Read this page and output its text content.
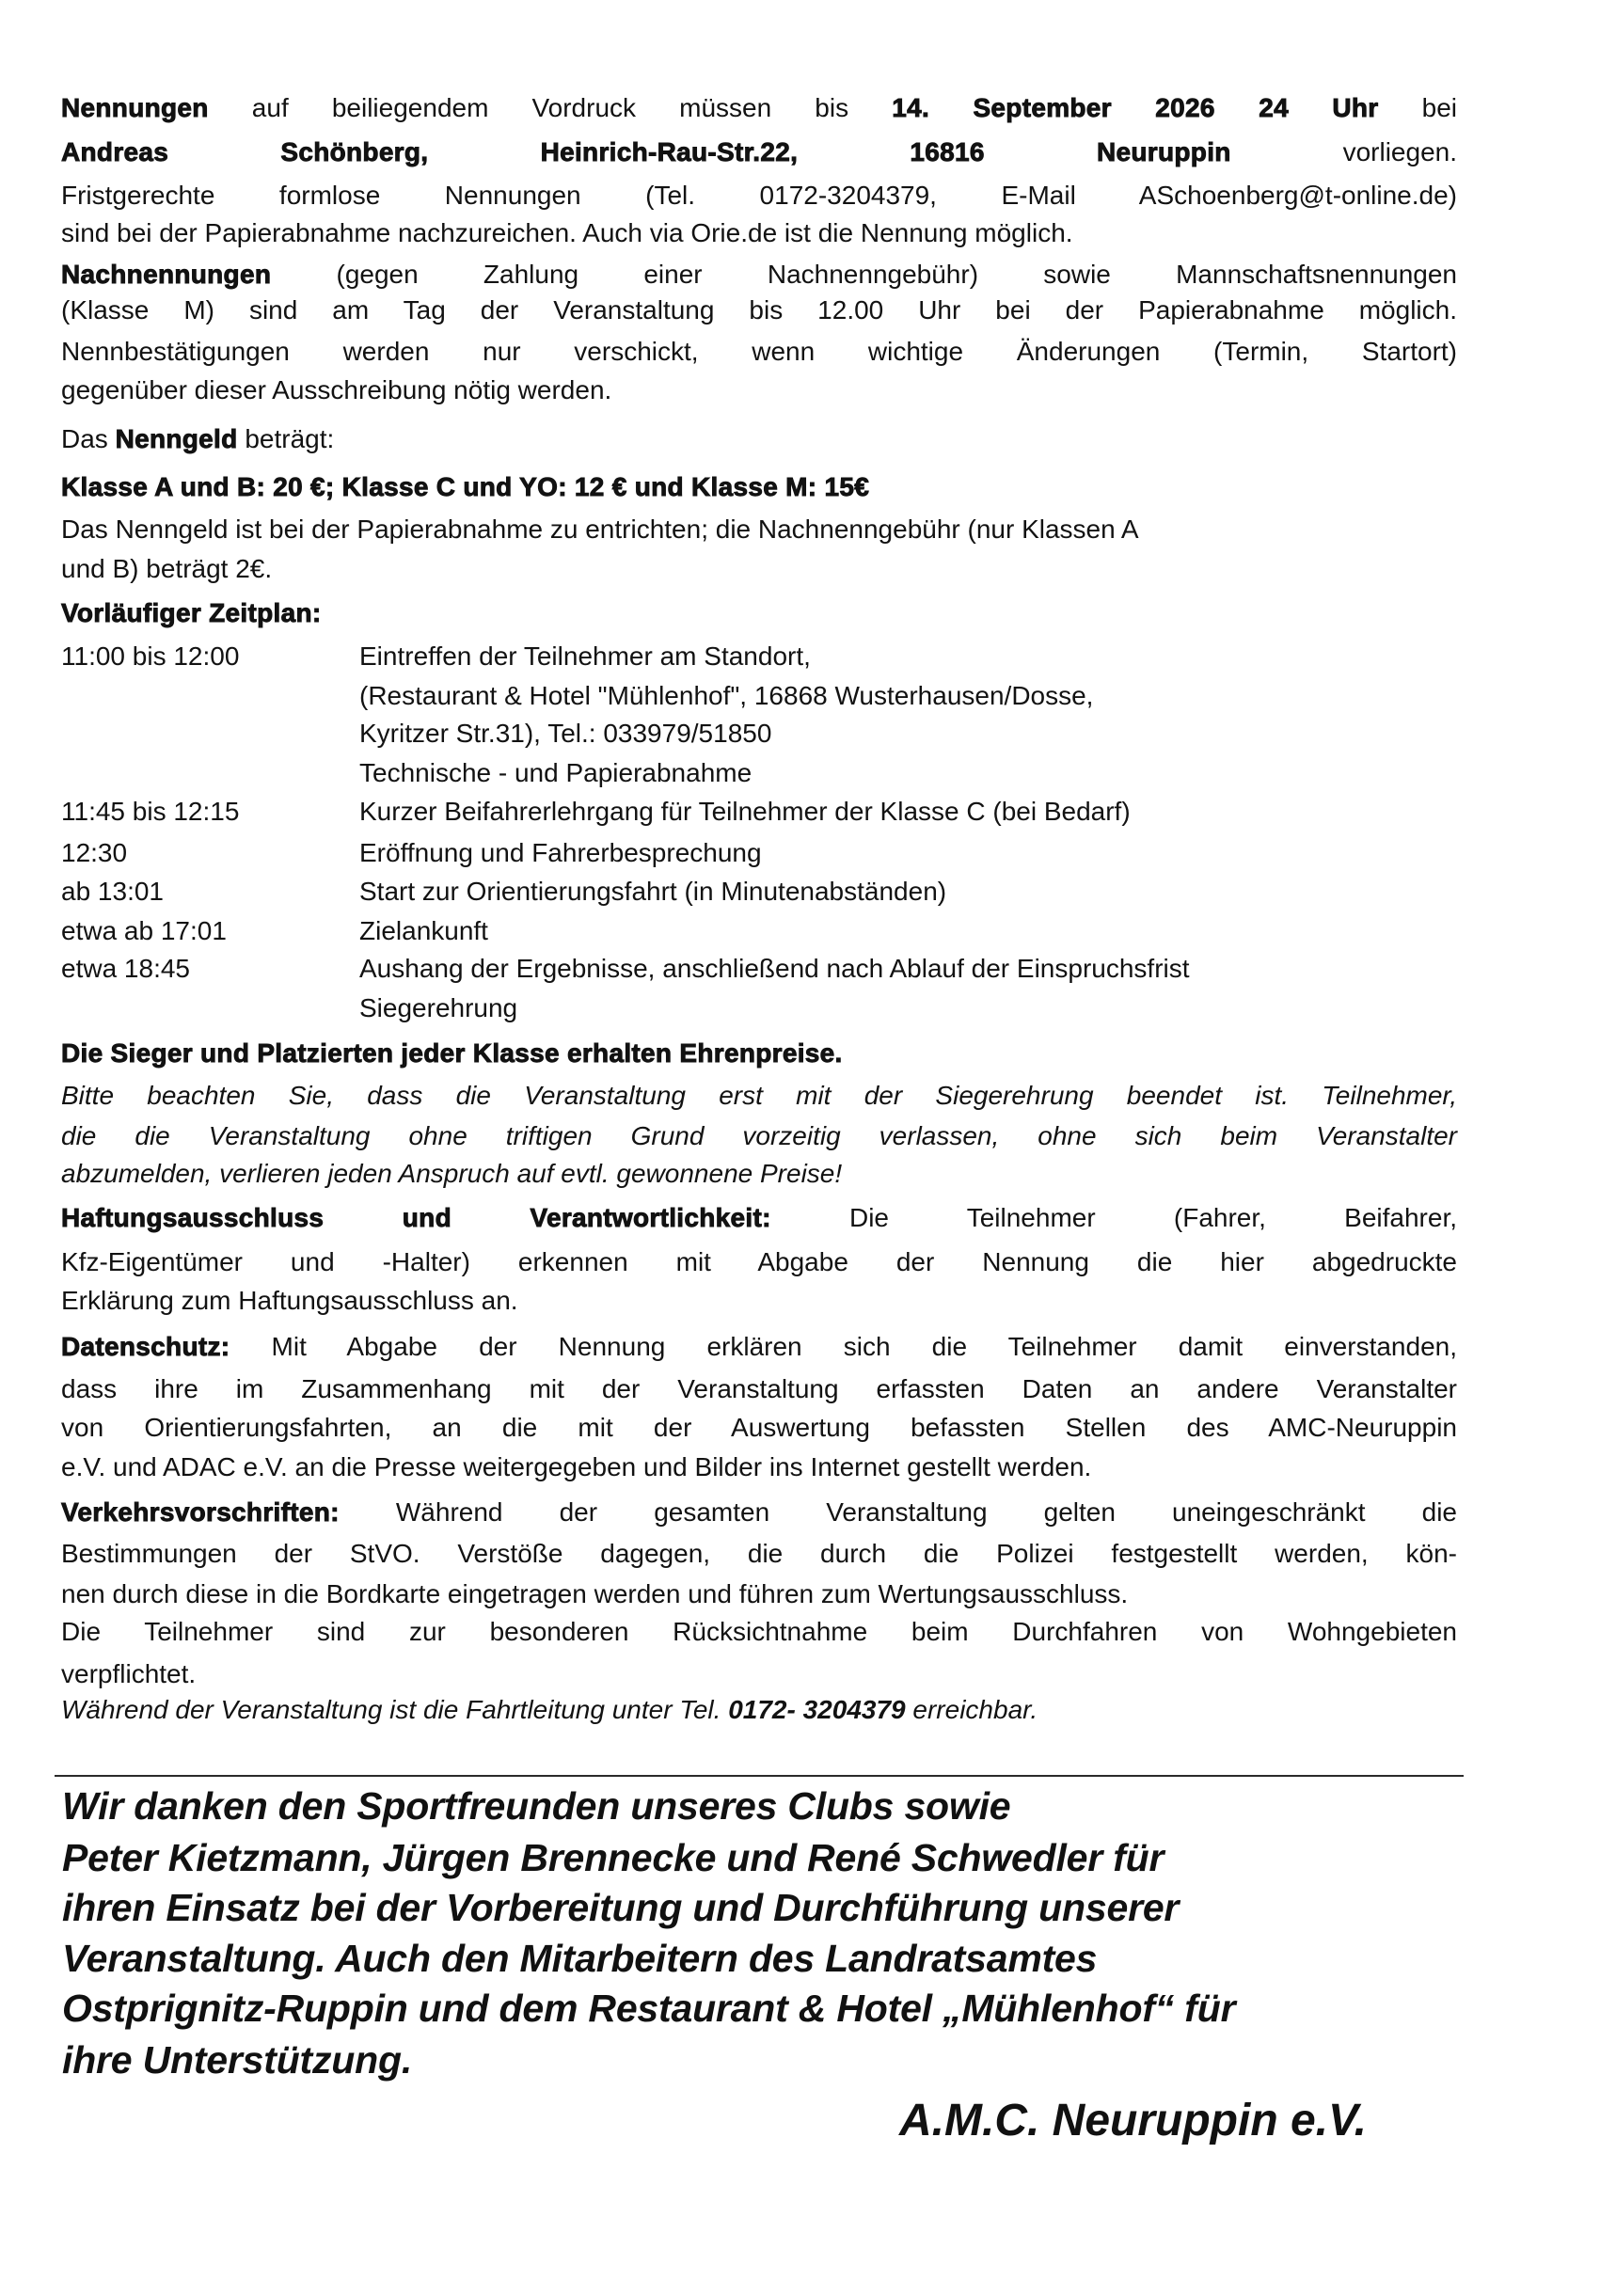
Nennungen auf beiliegendem Vordruck müssen bis 14. September 2026 24 Uhr bei
Andreas Schönberg, Heinrich-Rau-Str.22, 16816 Neuruppin vorliegen.
Fristgerechte formlose Nennungen (Tel. 0172-3204379, E-Mail ASchoenberg@t-online.de)
sind bei der Papierabnahme nachzureichen. Auch via Orie.de ist die Nennung möglich.
Nachnennungen (gegen Zahlung einer Nachnenngebühr) sowie Mannschaftsnennungen
(Klasse M) sind am Tag der Veranstaltung bis 12.00 Uhr bei der Papierabnahme möglich.
Nennbestätigungen werden nur verschickt, wenn wichtige Änderungen (Termin, Startort)
gegenüber dieser Ausschreibung nötig werden.
Das Nenngeld beträgt:
Klasse A und B: 20 €; Klasse C und YO: 12 € und Klasse M: 15€
Das Nenngeld ist bei der Papierabnahme zu entrichten; die Nachnenngebühr (nur Klassen A
und B) beträgt 2€.
Vorläufiger Zeitplan:
11:00 bis 12:00	Eintreffen der Teilnehmer am Standort,
(Restaurant & Hotel "Mühlenhof", 16868 Wusterhausen/Dosse,
Kyritzer Str.31), Tel.: 033979/51850
Technische - und Papierabnahme
11:45 bis 12:15	Kurzer Beifahrerlehrgang für Teilnehmer der Klasse C (bei Bedarf)
12:30	Eröffnung und Fahrerbesprechung
ab 13:01	Start zur Orientierungsfahrt (in Minutenabständen)
etwa ab 17:01	Zielankunft
etwa 18:45	Aushang der Ergebnisse, anschließend nach Ablauf der Einspruchsfrist
Siegerehrung
Die Sieger und Platzierten jeder Klasse erhalten Ehrenpreise.
Bitte beachten Sie, dass die Veranstaltung erst mit der Siegerehrung beendet ist. Teilnehmer,
die die Veranstaltung ohne triftigen Grund vorzeitig verlassen, ohne sich beim Veranstalter
abzumelden, verlieren jeden Anspruch auf evtl. gewonnene Preise!
Haftungsausschluss und Verantwortlichkeit: Die Teilnehmer (Fahrer, Beifahrer,
Kfz-Eigentümer und -Halter) erkennen mit Abgabe der Nennung die hier abgedruckte
Erklärung zum Haftungsausschluss an.
Datenschutz: Mit Abgabe der Nennung erklären sich die Teilnehmer damit einverstanden,
dass ihre im Zusammenhang mit der Veranstaltung erfassten Daten an andere Veranstalter
von Orientierungsfahrten, an die mit der Auswertung befassten Stellen des AMC-Neuruppin
e.V. und ADAC e.V. an die Presse weitergegeben und Bilder ins Internet gestellt werden.
Verkehrsvorschriften: Während der gesamten Veranstaltung gelten uneingeschränkt die
Bestimmungen der StVO. Verstöße dagegen, die durch die Polizei festgestellt werden, kön-
nen durch diese in die Bordkarte eingetragen werden und führen zum Wertungsausschluss.
Die Teilnehmer sind zur besonderen Rücksichtnahme beim Durchfahren von Wohngebieten
verpflichtet.
Während der Veranstaltung ist die Fahrtleitung unter Tel. 0172- 3204379 erreichbar.
Wir danken den Sportfreunden unseres Clubs sowie
Peter Kietzmann, Jürgen Brennecke und René Schwedler für
ihren Einsatz bei der Vorbereitung und Durchführung unserer
Veranstaltung. Auch den Mitarbeitern des Landratsamtes
Ostprignitz-Ruppin und dem Restaurant & Hotel „Mühlenhof“ für
ihre Unterstützung.
A.M.C. Neuruppin e.V.
